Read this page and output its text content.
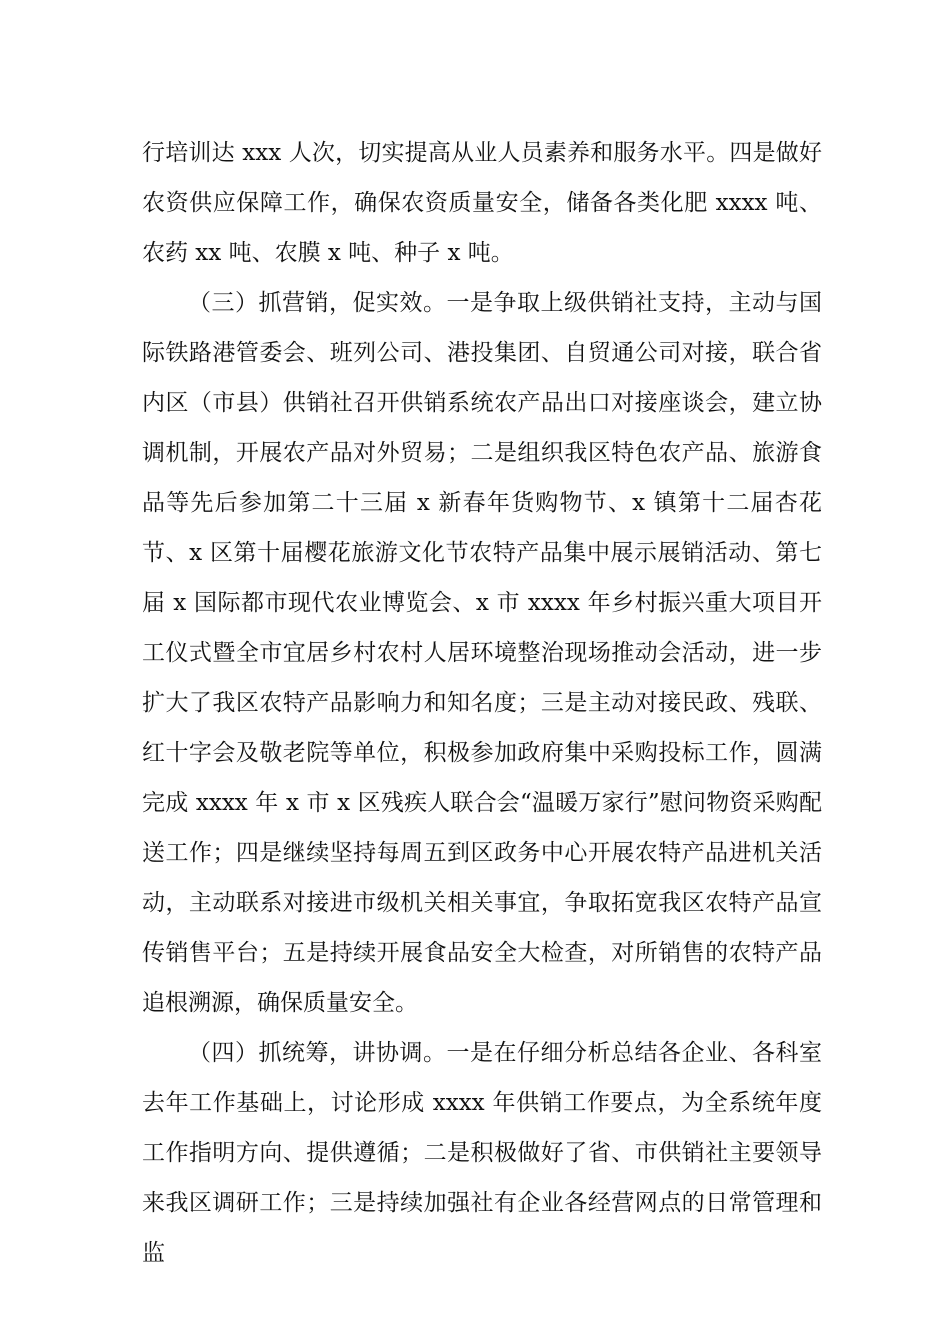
行培训达 xxx 人次，切实提高从业人员素养和服务水平。四是做好农资供应保障工作，确保农资质量安全，储备各类化肥 xxxx 吨、农药 xx 吨、农膜 x 吨、种子 x 吨。

（三）抓营销，促实效。一是争取上级供销社支持，主动与国际铁路港管委会、班列公司、港投集团、自贸通公司对接，联合省内区（市县）供销社召开供销系统农产品出口对接座谈会，建立协调机制，开展农产品对外贸易；二是组织我区特色农产品、旅游食品等先后参加第二十三届 x 新春年货购物节、x 镇第十二届杏花节、x 区第十届樱花旅游文化节农特产品集中展示展销活动、第七届 x 国际都市现代农业博览会、x 市 xxxx 年乡村振兴重大项目开工仪式暨全市宜居乡村农村人居环境整治现场推动会活动，进一步扩大了我区农特产品影响力和知名度；三是主动对接民政、残联、红十字会及敬老院等单位，积极参加政府集中采购投标工作，圆满完成 xxxx 年 x 市 x 区残疾人联合会“温暖万家行”慰问物资采购配送工作；四是继续坚持每周五到区政务中心开展农特产品进机关活动，主动联系对接进市级机关相关事宜，争取拓宽我区农特产品宣传销售平台；五是持续开展食品安全大检查，对所销售的农特产品追根溯源，确保质量安全。

（四）抓统筹，讲协调。一是在仔细分析总结各企业、各科室去年工作基础上，讨论形成 xxxx 年供销工作要点，为全系统年度工作指明方向、提供遵循；二是积极做好了省、市供销社主要领导来我区调研工作；三是持续加强社有企业各经营网点的日常管理和监
